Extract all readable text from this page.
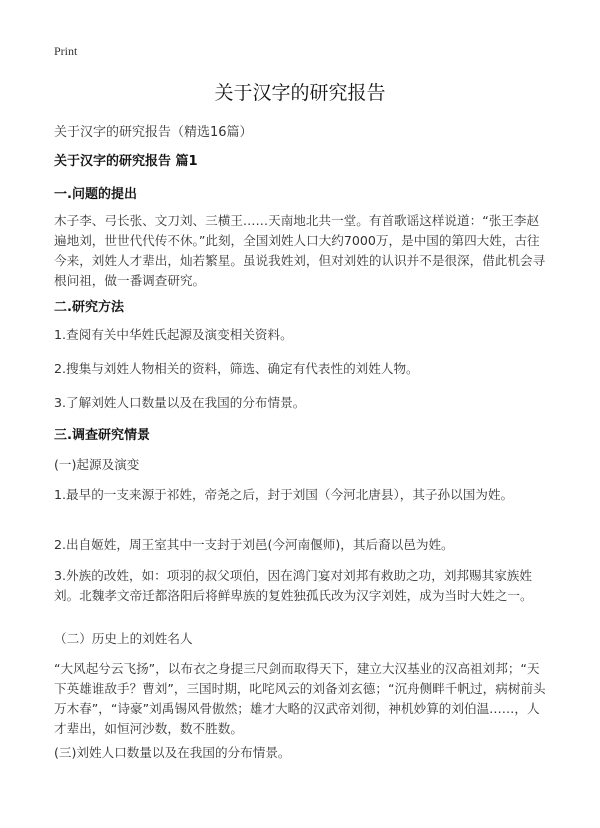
Print
关于汉字的研究报告
关于汉字的研究报告（精选16篇）
关于汉字的研究报告 篇1
一.问题的提出
木子李、弓长张、文刀刘、三横王……天南地北共一堂。有首歌谣这样说道：“张王李赵遍地刘，世世代代传不休。”此刻，全国刘姓人口大约7000万，是中国的第四大姓，古往今来，刘姓人才辈出，灿若繁星。虽说我姓刘，但对刘姓的认识并不是很深，借此机会寻根问祖，做一番调查研究。
二.研究方法
1.查阅有关中华姓氏起源及演变相关资料。
2.搜集与刘姓人物相关的资料，筛选、确定有代表性的刘姓人物。
3.了解刘姓人口数量以及在我国的分布情景。
三.调查研究情景
(一)起源及演变
1.最早的一支来源于祁姓，帝尧之后，封于刘国（今河北唐县），其子孙以国为姓。
2.出自姬姓，周王室其中一支封于刘邑(今河南偃师)，其后裔以邑为姓。
3.外族的改姓，如：项羽的叔父项伯，因在鸿门宴对刘邦有救助之功，刘邦赐其家族姓刘。北魏孝文帝迁都洛阳后将鲜卑族的复姓独孤氏改为汉字刘姓，成为当时大姓之一。
（二）历史上的刘姓名人
“大风起兮云飞扬”，以布衣之身提三尺剑而取得天下，建立大汉基业的汉高祖刘邦；“天下英雄谁敌手？曹刘”，三国时期，叱咤风云的刘备刘玄德；“沉舟侧畔千帆过，病树前头万木春”，“诗豪”刘禹锡风骨傲然；雄才大略的汉武帝刘彻，神机妙算的刘伯温……，人才辈出，如恒河沙数，数不胜数。
(三)刘姓人口数量以及在我国的分布情景。
